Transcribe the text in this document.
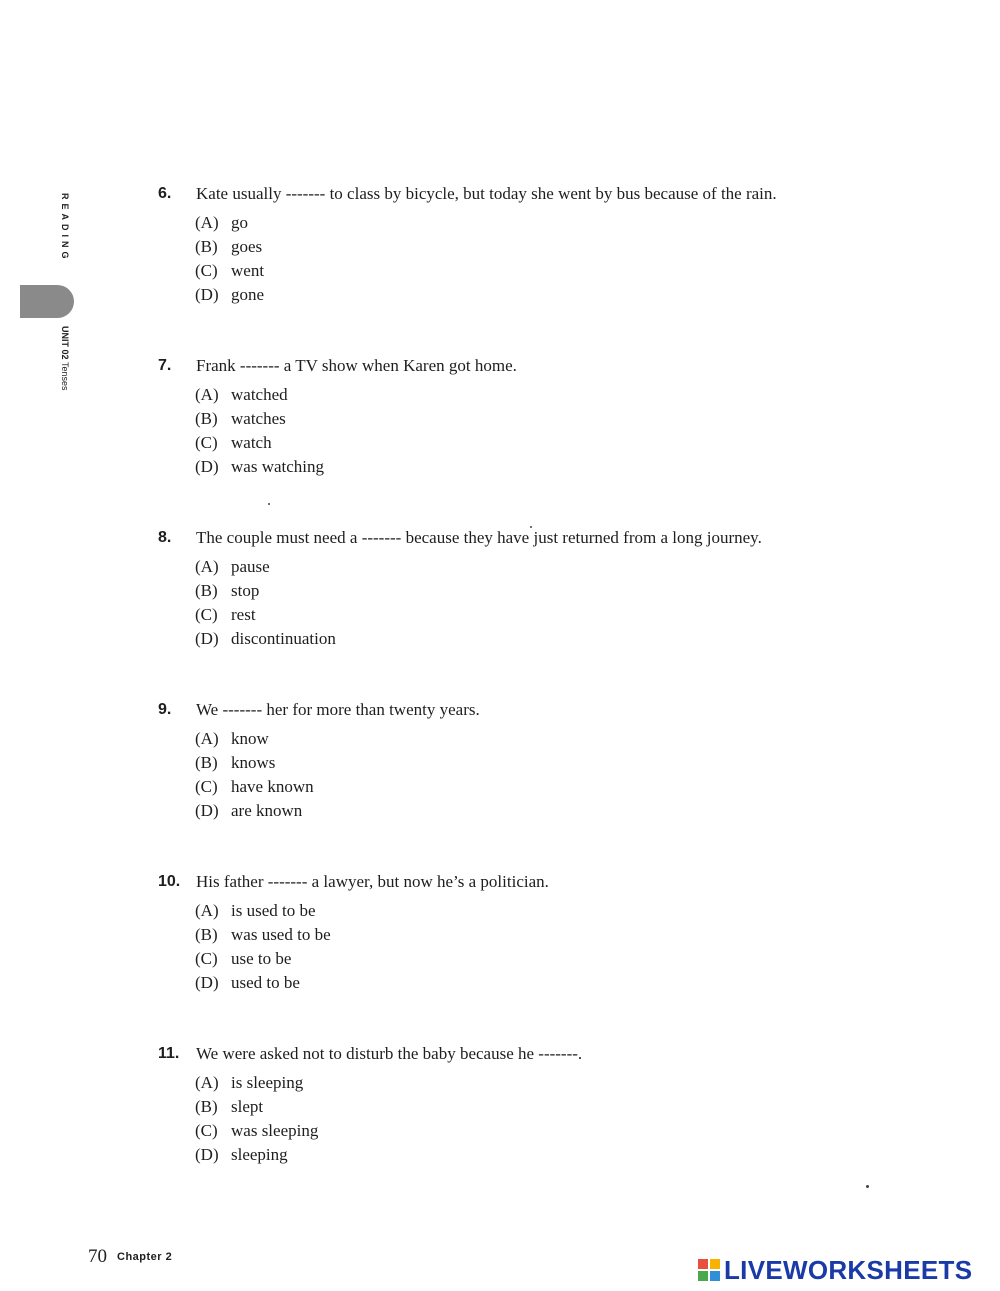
READING
UNIT 02 Tenses
6. Kate usually ------- to class by bicycle, but today she went by bus because of the rain.
(A) go
(B) goes
(C) went
(D) gone
7. Frank ------- a TV show when Karen got home.
(A) watched
(B) watches
(C) watch
(D) was watching
8. The couple must need a ------- because they have just returned from a long journey.
(A) pause
(B) stop
(C) rest
(D) discontinuation
9. We ------- her for more than twenty years.
(A) know
(B) knows
(C) have known
(D) are known
10. His father ------- a lawyer, but now he’s a politician.
(A) is used to be
(B) was used to be
(C) use to be
(D) used to be
11. We were asked not to disturb the baby because he -------.
(A) is sleeping
(B) slept
(C) was sleeping
(D) sleeping
70 Chapter 2	LIVEWORKSHEETS
